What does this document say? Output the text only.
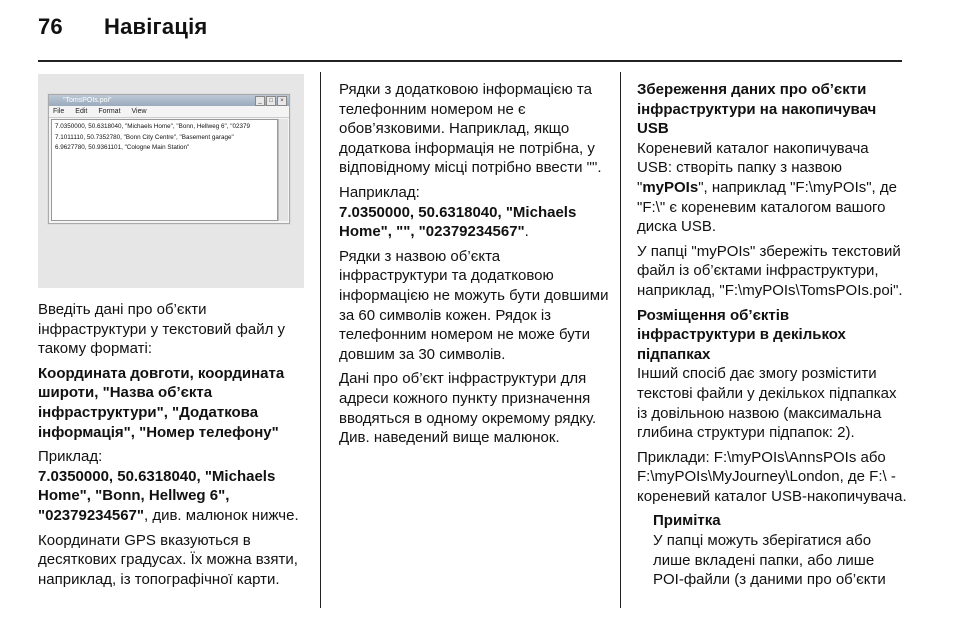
76 Навігація
"TomsPOIs.poi"	_	□	×
File Edit Format View
7.0350000, 50.6318040, "Michaels Home", "Bonn, Hellweg 6", "02379
7.1011110, 50.7352780, "Bonn City Centre", "Basement garage"
6.9627780, 50.9361101, "Cologne Main Station"

Введіть дані про об’єкти інфраструктури у текстовий файл у такому форматі:

Координата довготи, координата широти, "Назва об’єкта інфраструктури", "Додаткова інформація", "Номер телефону"

Приклад:
7.0350000, 50.6318040, "Michaels Home", "Bonn, Hellweg 6", "02379234567", див. малюнок нижче.

Координати GPS вказуються в десяткових градусах. Їх можна взяти, наприклад, із топографічної карти.

Рядки з додатковою інформацією та телефонним номером не є обов’язковими. Наприклад, якщо додаткова інформація не потрібна, у відповідному місці потрібно ввести "".

Наприклад:
7.0350000, 50.6318040, "Michaels Home", "", "02379234567".

Рядки з назвою об’єкта інфраструктури та додатковою інформацією не можуть бути довшими за 60 символів кожен. Рядок із телефонним номером не може бути довшим за 30 символів.

Дані про об’єкт інфраструктури для адреси кожного пункту призначення вводяться в одному окремому рядку. Див. наведений вище малюнок.

Збереження даних про об’єкти інфраструктури на накопичувач USB

Кореневий каталог накопичувача USB: створіть папку з назвою "myPOIs", наприклад "F:\myPOIs", де "F:\" є кореневим каталогом вашого диска USB.

У папці "myPOIs" збережіть текстовий файл із об’єктами інфраструктури, наприклад, "F:\myPOIs\TomsPOIs.poi".

Розміщення об’єктів інфраструктури в декількох підпапках

Інший спосіб дає змогу розмістити текстові файли у декількох підпапках із довільною назвою (максимальна глибина структури підпапок: 2).

Приклади: F:\myPOIs\AnnsPOIs або F:\myPOIs\MyJourney\London, де F:\ - кореневий каталог USB-накопичувача.

Примітка
У папці можуть зберігатися або лише вкладені папки, або лише POI-файли (з даними про об’єкти
